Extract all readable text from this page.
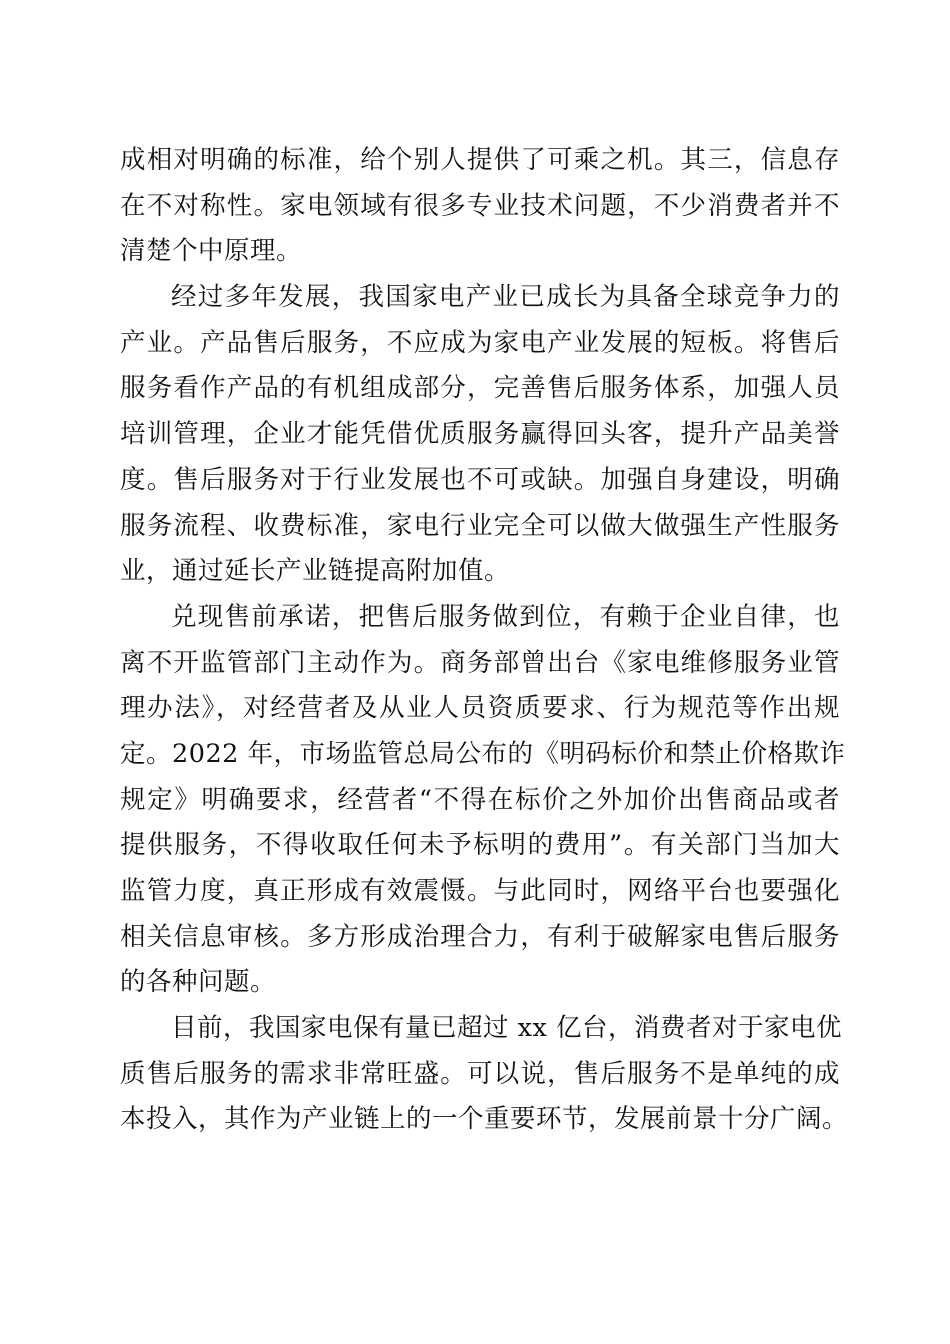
成相对明确的标准，给个别人提供了可乘之机。其三，信息存
在不对称性。家电领域有很多专业技术问题，不少消费者并不
清楚个中原理。
经过多年发展，我国家电产业已成长为具备全球竞争力的
产业。产品售后服务，不应成为家电产业发展的短板。将售后
服务看作产品的有机组成部分，完善售后服务体系，加强人员
培训管理，企业才能凭借优质服务赢得回头客，提升产品美誉
度。售后服务对于行业发展也不可或缺。加强自身建设，明确
服务流程、收费标准，家电行业完全可以做大做强生产性服务
业，通过延长产业链提高附加值。
兑现售前承诺，把售后服务做到位，有赖于企业自律，也
离不开监管部门主动作为。商务部曾出台《家电维修服务业管
理办法》，对经营者及从业人员资质要求、行为规范等作出规
定。2022 年，市场监管总局公布的《明码标价和禁止价格欺诈
规定》明确要求，经营者“不得在标价之外加价出售商品或者
提供服务，不得收取任何未予标明的费用”。有关部门当加大
监管力度，真正形成有效震慑。与此同时，网络平台也要强化
相关信息审核。多方形成治理合力，有利于破解家电售后服务
的各种问题。
目前，我国家电保有量已超过 xx 亿台，消费者对于家电优
质售后服务的需求非常旺盛。可以说，售后服务不是单纯的成
本投入，其作为产业链上的一个重要环节，发展前景十分广阔。
